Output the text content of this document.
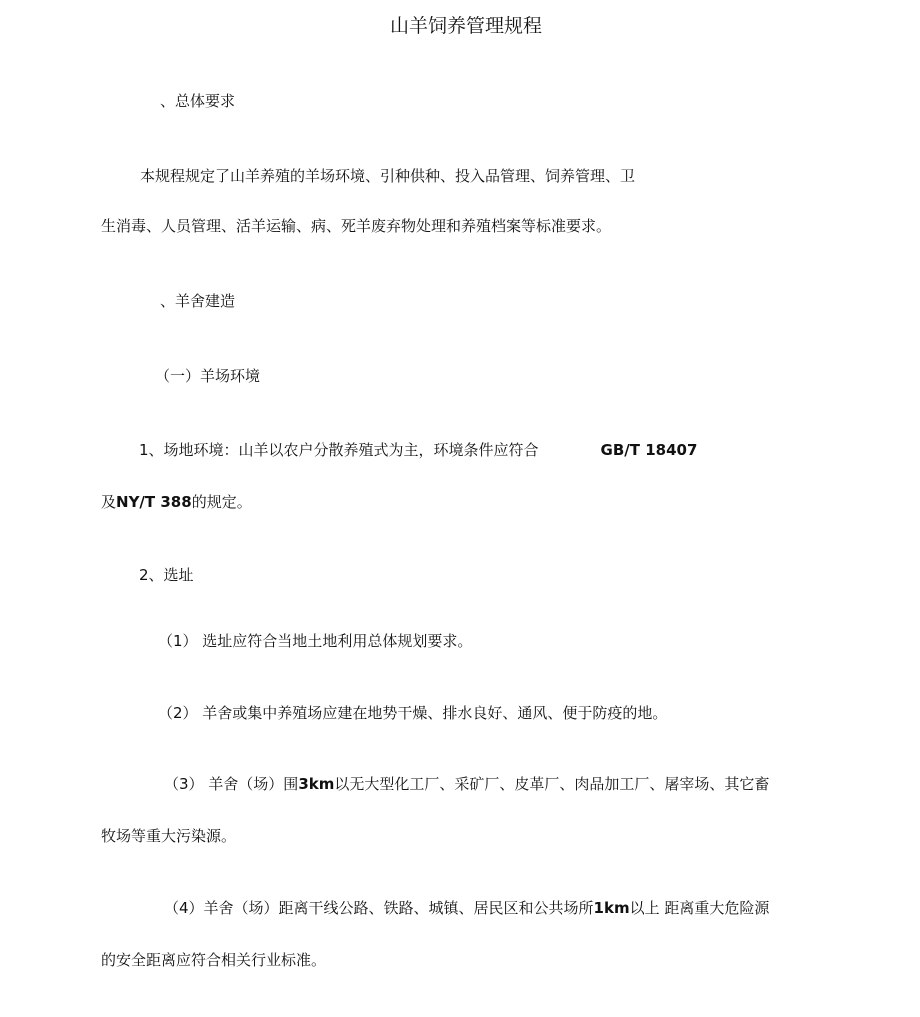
山羊饲养管理规程
、总体要求
本规程规定了山羊养殖的羊场环境、引种供种、投入品管理、饲养管理、卫
生消毒、人员管理、活羊运输、病、死羊废弃物处理和养殖档案等标准要求。
、羊舍建造
（一）羊场环境
1、场地环境：山羊以农户分散养殖式为主，环境条件应符合	GB/T 18407
及NY/T 388的规定。
2、选址
（1） 选址应符合当地土地利用总体规划要求。
（2） 羊舍或集中养殖场应建在地势干燥、排水良好、通风、便于防疫的地。
（3） 羊舍（场）围3km以无大型化工厂、采矿厂、皮革厂、肉品加工厂、屠宰场、其它畜
牧场等重大污染源。
（4）羊舍（场）距离干线公路、铁路、城镇、居民区和公共场所1km以上 距离重大危险源
的安全距离应符合相关行业标准。
